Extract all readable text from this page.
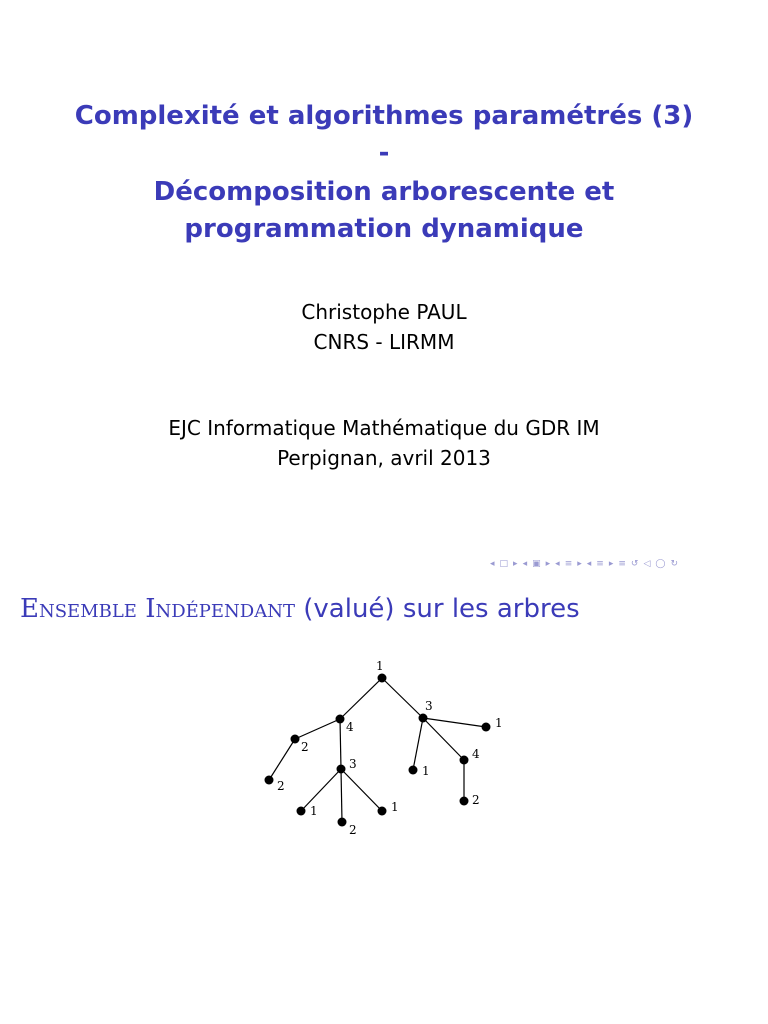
Complexité et algorithmes paramétrés (3)
-
Décomposition arborescente et
programmation dynamique
Christophe PAUL
CNRS - LIRMM
EJC Informatique Mathématique du GDR IM
Perpignan, avril 2013
◂ □ ▸ ◂ ▣ ▸ ◂ ≡ ▸ ◂ ≡ ▸ ≡ ↺ ◁ ◯ ↻
Ensemble Indépendant (valué) sur les arbres
1
4
3
2
2
3
1
2
1
1
4
1
2
